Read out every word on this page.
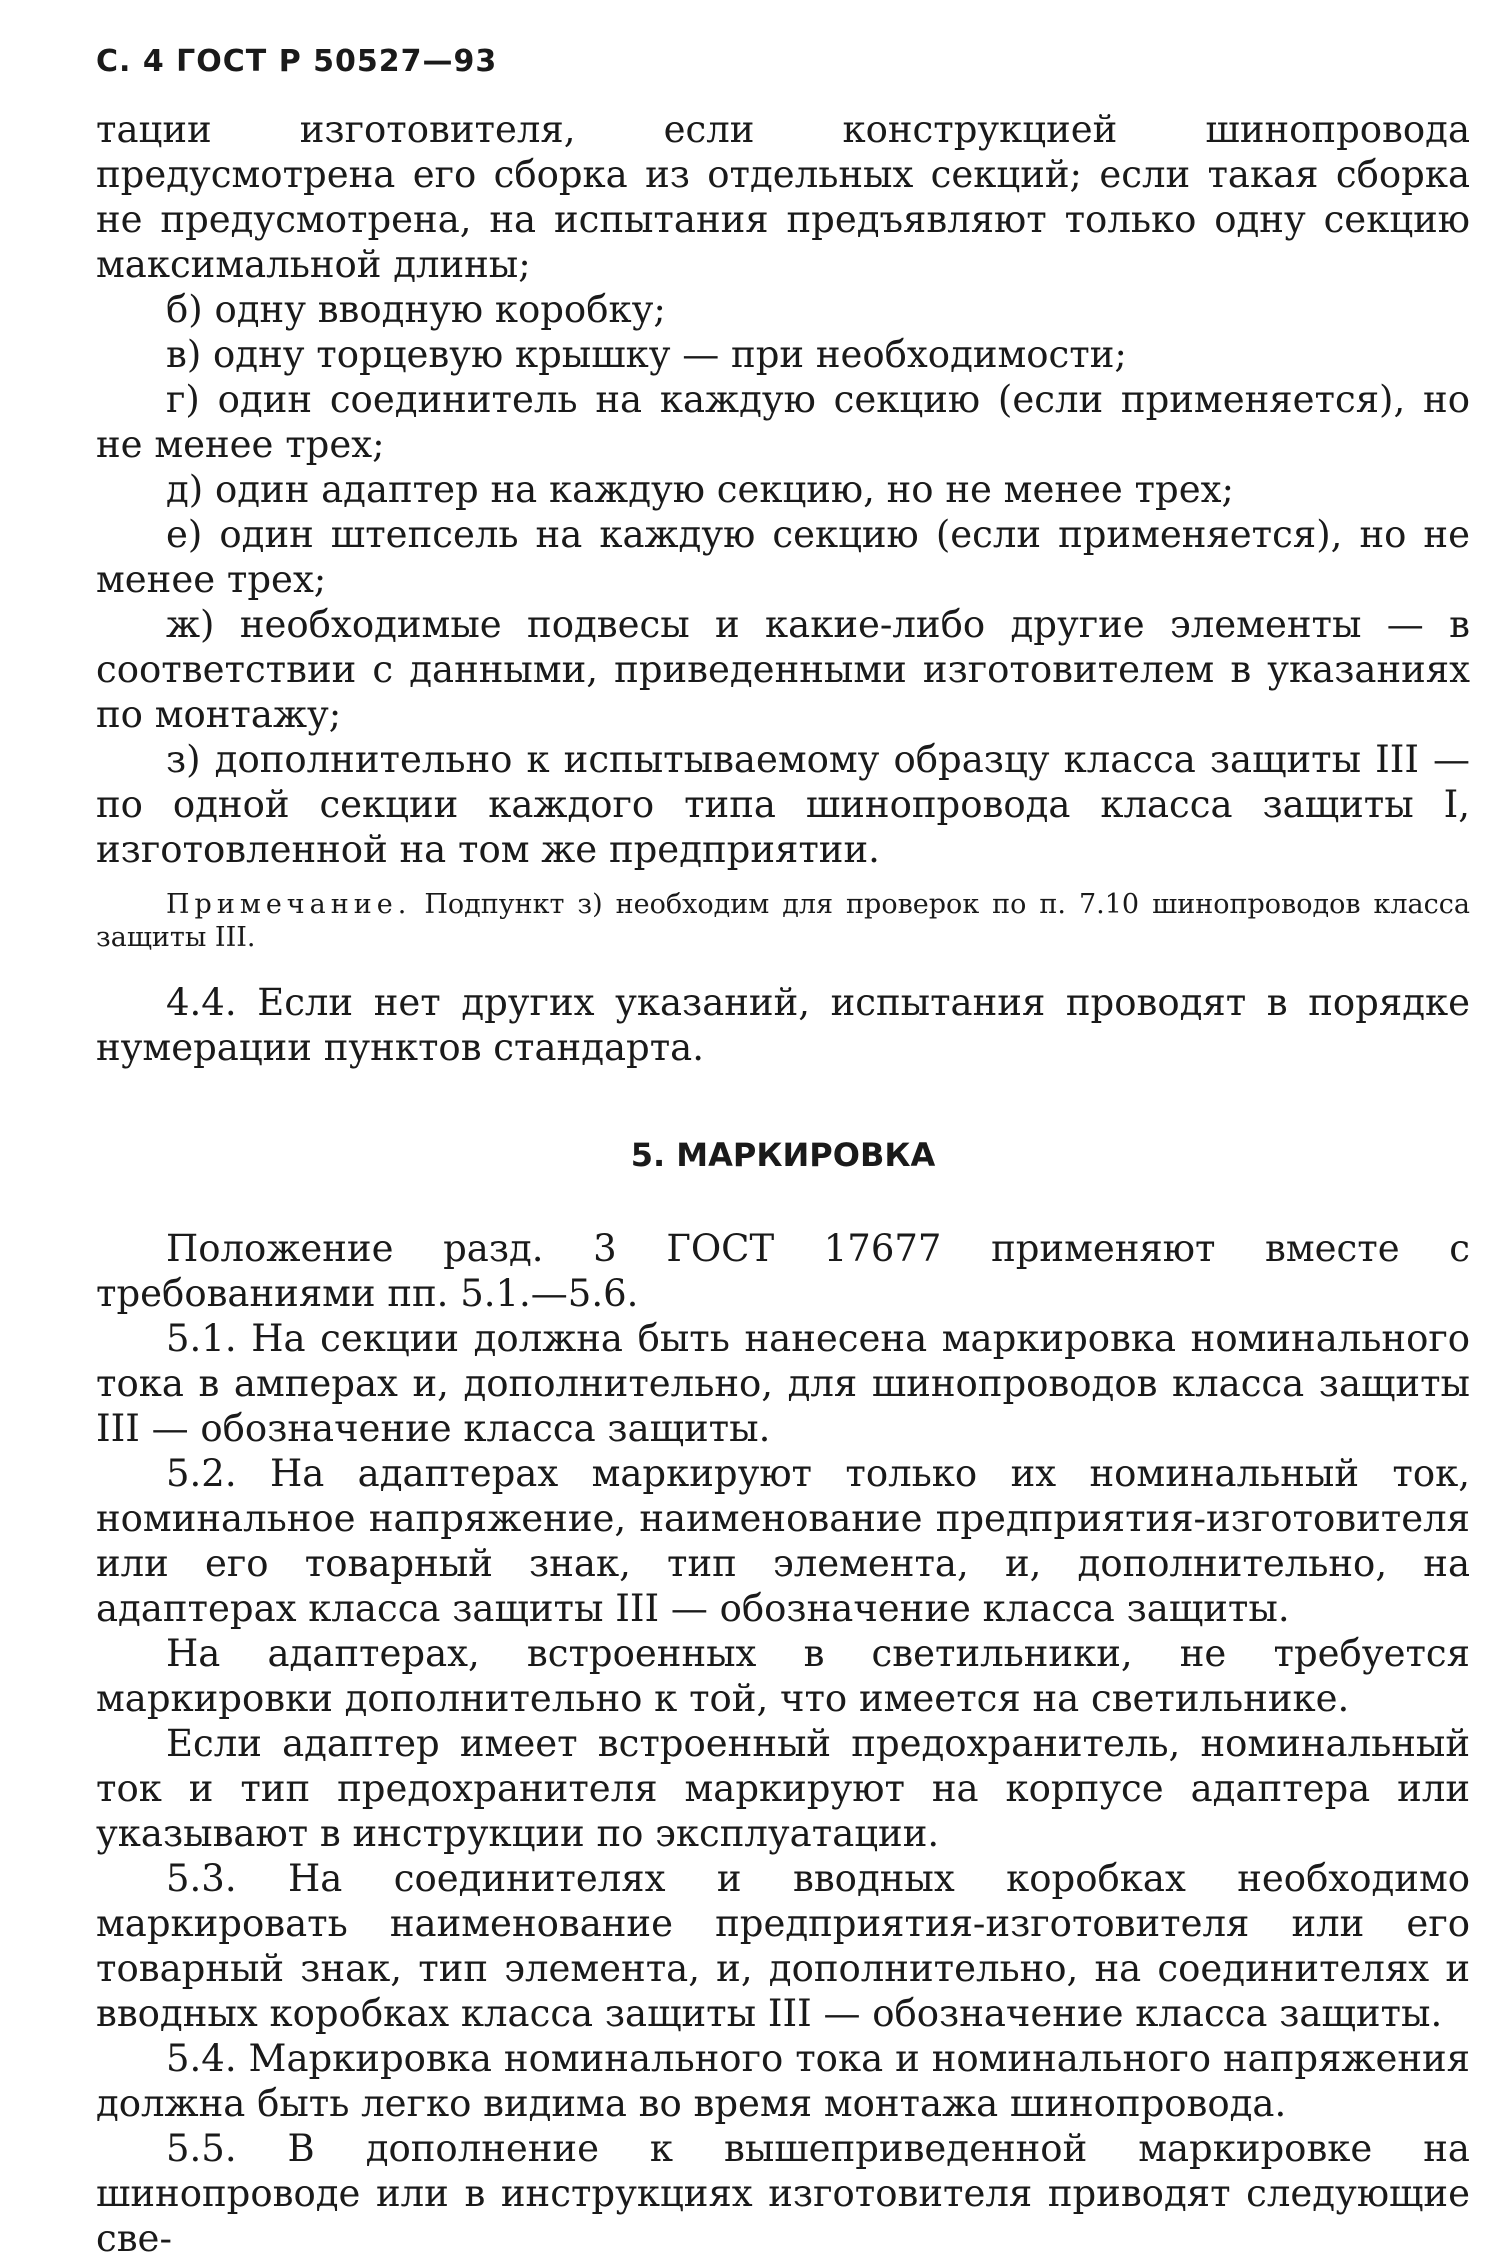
С. 4 ГОСТ Р 50527—93

тации изготовителя, если конструкцией шинопровода предусмотрена его сборка из отдельных секций; если такая сборка не предусмотрена, на испытания предъявляют только одну секцию максимальной длины;

б) одну вводную коробку;

в) одну торцевую крышку — при необходимости;

г) один соединитель на каждую секцию (если применяется), но не менее трех;

д) один адаптер на каждую секцию, но не менее трех;

е) один штепсель на каждую секцию (если применяется), но не менее трех;

ж) необходимые подвесы и какие-либо другие элементы — в соответствии с данными, приведенными изготовителем в указаниях по монтажу;

з) дополнительно к испытываемому образцу класса защиты III — по одной секции каждого типа шинопровода класса защиты I, изготовленной на том же предприятии.

Примечание. Подпункт з) необходим для проверок по п. 7.10 шинопроводов класса защиты III.

4.4. Если нет других указаний, испытания проводят в порядке нумерации пунктов стандарта.

5. МАРКИРОВКА

Положение разд. 3 ГОСТ 17677 применяют вместе с требованиями пп. 5.1.—5.6.

5.1. На секции должна быть нанесена маркировка номинального тока в амперах и, дополнительно, для шинопроводов класса защиты III — обозначение класса защиты.

5.2. На адаптерах маркируют только их номинальный ток, номинальное напряжение, наименование предприятия-изготовителя или его товарный знак, тип элемента, и, дополнительно, на адаптерах класса защиты III — обозначение класса защиты.

На адаптерах, встроенных в светильники, не требуется маркировки дополнительно к той, что имеется на светильнике.

Если адаптер имеет встроенный предохранитель, номинальный ток и тип предохранителя маркируют на корпусе адаптера или указывают в инструкции по эксплуатации.

5.3. На соединителях и вводных коробках необходимо маркировать наименование предприятия-изготовителя или его товарный знак, тип элемента, и, дополнительно, на соединителях и вводных коробках класса защиты III — обозначение класса защиты.

5.4. Маркировка номинального тока и номинального напряжения должна быть легко видима во время монтажа шинопровода.

5.5. В дополнение к вышеприведенной маркировке на шинопроводе или в инструкциях изготовителя приводят следующие све-
